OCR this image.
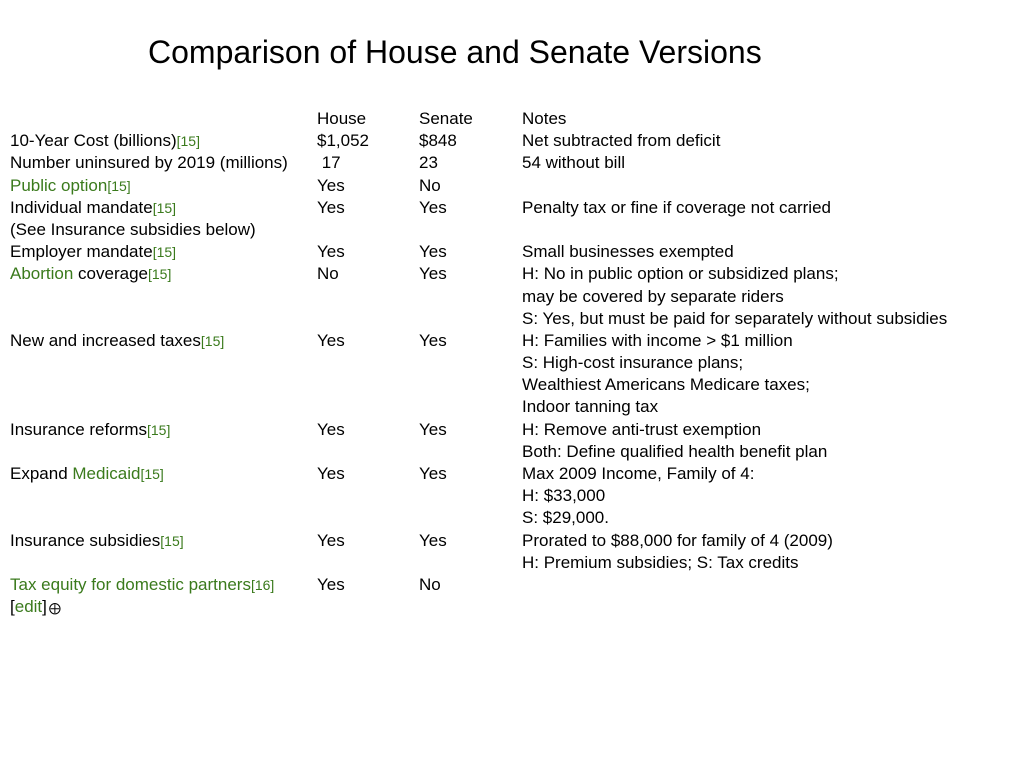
Comparison of House and Senate Versions
House	Senate	Notes
10-Year Cost (billions)[15]	$1,052	$848	Net subtracted from deficit
Number uninsured by 2019 (millions) 17	23	54 without bill
Public option[15]	Yes	No
Individual mandate[15]	Yes	Yes	Penalty tax or fine if coverage not carried
(See Insurance subsidies below)
Employer mandate[15]	Yes	Yes	Small businesses exempted
Abortion coverage[15]	No	Yes	H: No in public option or subsidized plans;
may be covered by separate riders
S: Yes, but must be paid for separately without subsidies
New and increased taxes[15]	Yes	Yes	H: Families with income > $1 million
S: High-cost insurance plans;
Wealthiest Americans Medicare taxes;
Indoor tanning tax
Insurance reforms[15]	Yes	Yes	H: Remove anti-trust exemption
Both: Define qualified health benefit plan
Expand Medicaid[15]	Yes	Yes	Max 2009 Income, Family of 4:
H: $33,000
S: $29,000.
Insurance subsidies[15]	Yes	Yes	Prorated to $88,000 for family of 4 (2009)
H: Premium subsidies; S: Tax credits
Tax equity for domestic partners[16]	Yes	No
[edit] ⨁
